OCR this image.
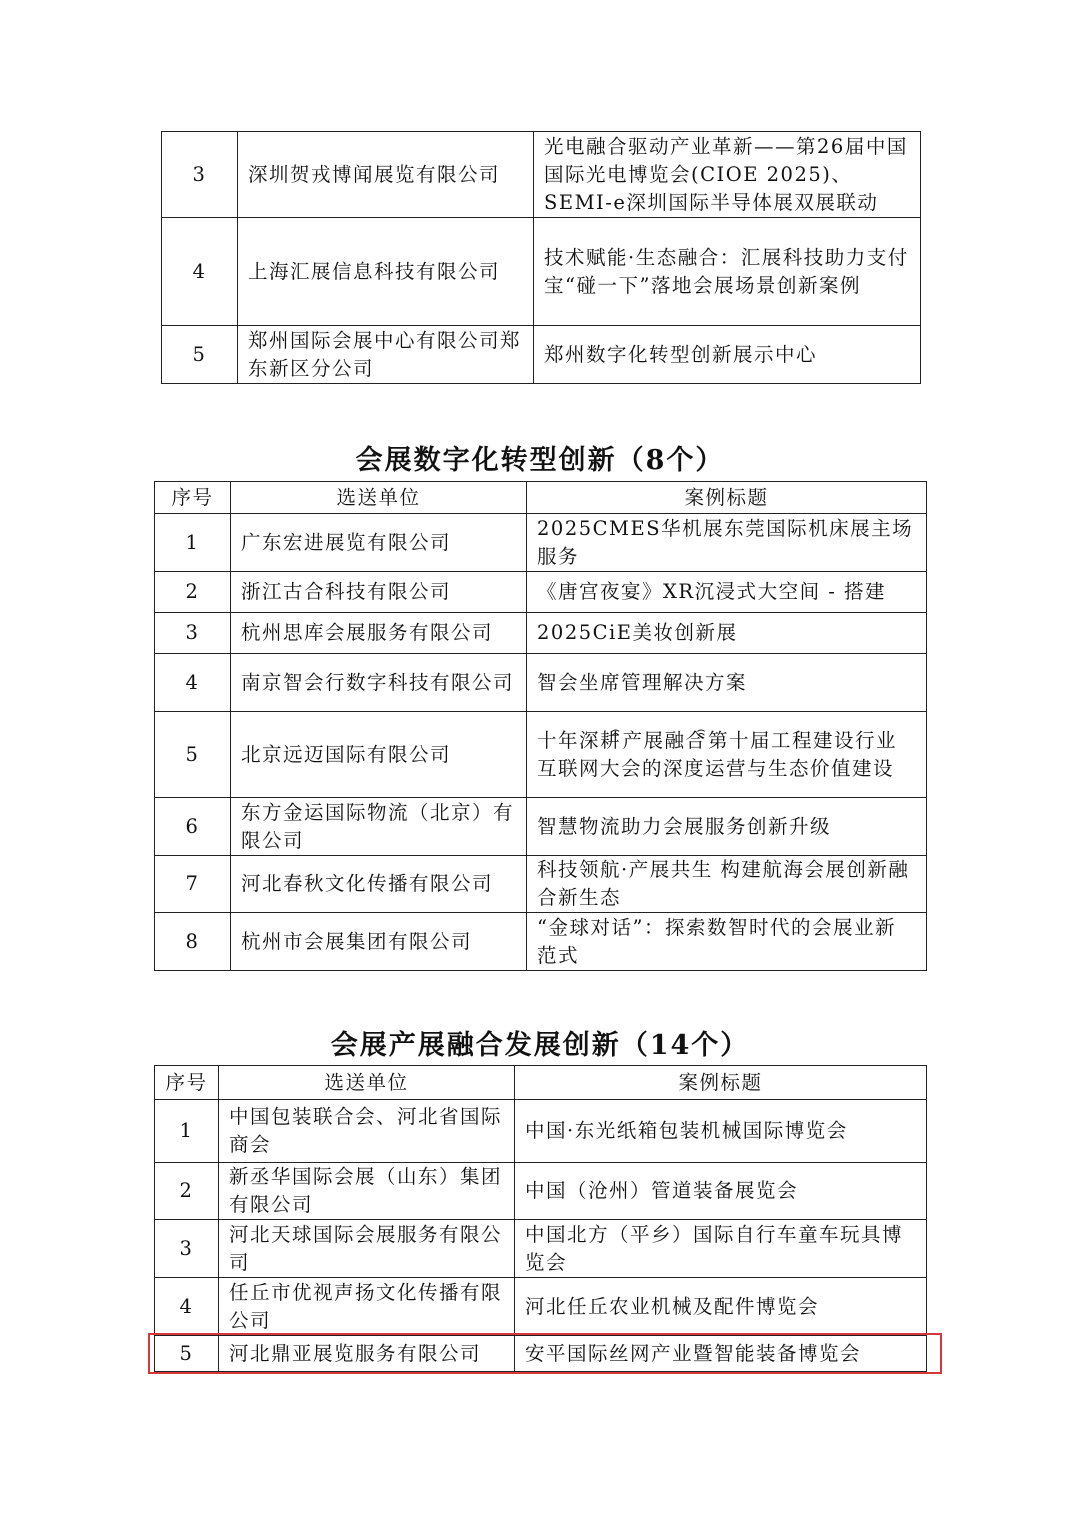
3	深圳贺戎博闻展览有限公司	光电融合驱动产业革新——第26届中国国际光电博览会(CIOE 2025)、SEMI-e深圳国际半导体展双展联动
4	上海汇展信息科技有限公司	技术赋能·生态融合：汇展科技助力支付宝“碰一下”落地会展场景创新案例
5	郑州国际会展中心有限公司郑东新区分公司	郑州数字化转型创新展示中心
会展数字化转型创新（8个）
序号	选送单位	案例标题
1	广东宏进展览有限公司	2025CMES华机展东莞国际机床展主场服务
2	浙江古合科技有限公司	《唐宫夜宴》XR沉浸式大空间 - 搭建
3	杭州思库会展服务有限公司	2025CiE美妆创新展
4	南京智会行数字科技有限公司	智会坐席管理解决方案
5	北京远迈国际有限公司	十年深耕ꩰ产展融合ꩰ第十届工程建设行业互联网大会的深度运营与生态价值建设
6	东方金运国际物流（北京）有限公司	智慧物流助力会展服务创新升级
7	河北春秋文化传播有限公司	科技领航·产展共生 构建航海会展创新融合新生态
8	杭州市会展集团有限公司	“金球对话”：探索数智时代的会展业新范式
会展产展融合发展创新（14个）
序号	选送单位	案例标题
1	中国包装联合会、河北省国际商会	中国·东光纸箱包装机械国际博览会
2	新丞华国际会展（山东）集团有限公司	中国（沧州）管道装备展览会
3	河北天球国际会展服务有限公司	中国北方（平乡）国际自行车童车玩具博览会
4	任丘市优视声扬文化传播有限公司	河北任丘农业机械及配件博览会
5	河北鼎亚展览服务有限公司	安平国际丝网产业暨智能装备博览会
